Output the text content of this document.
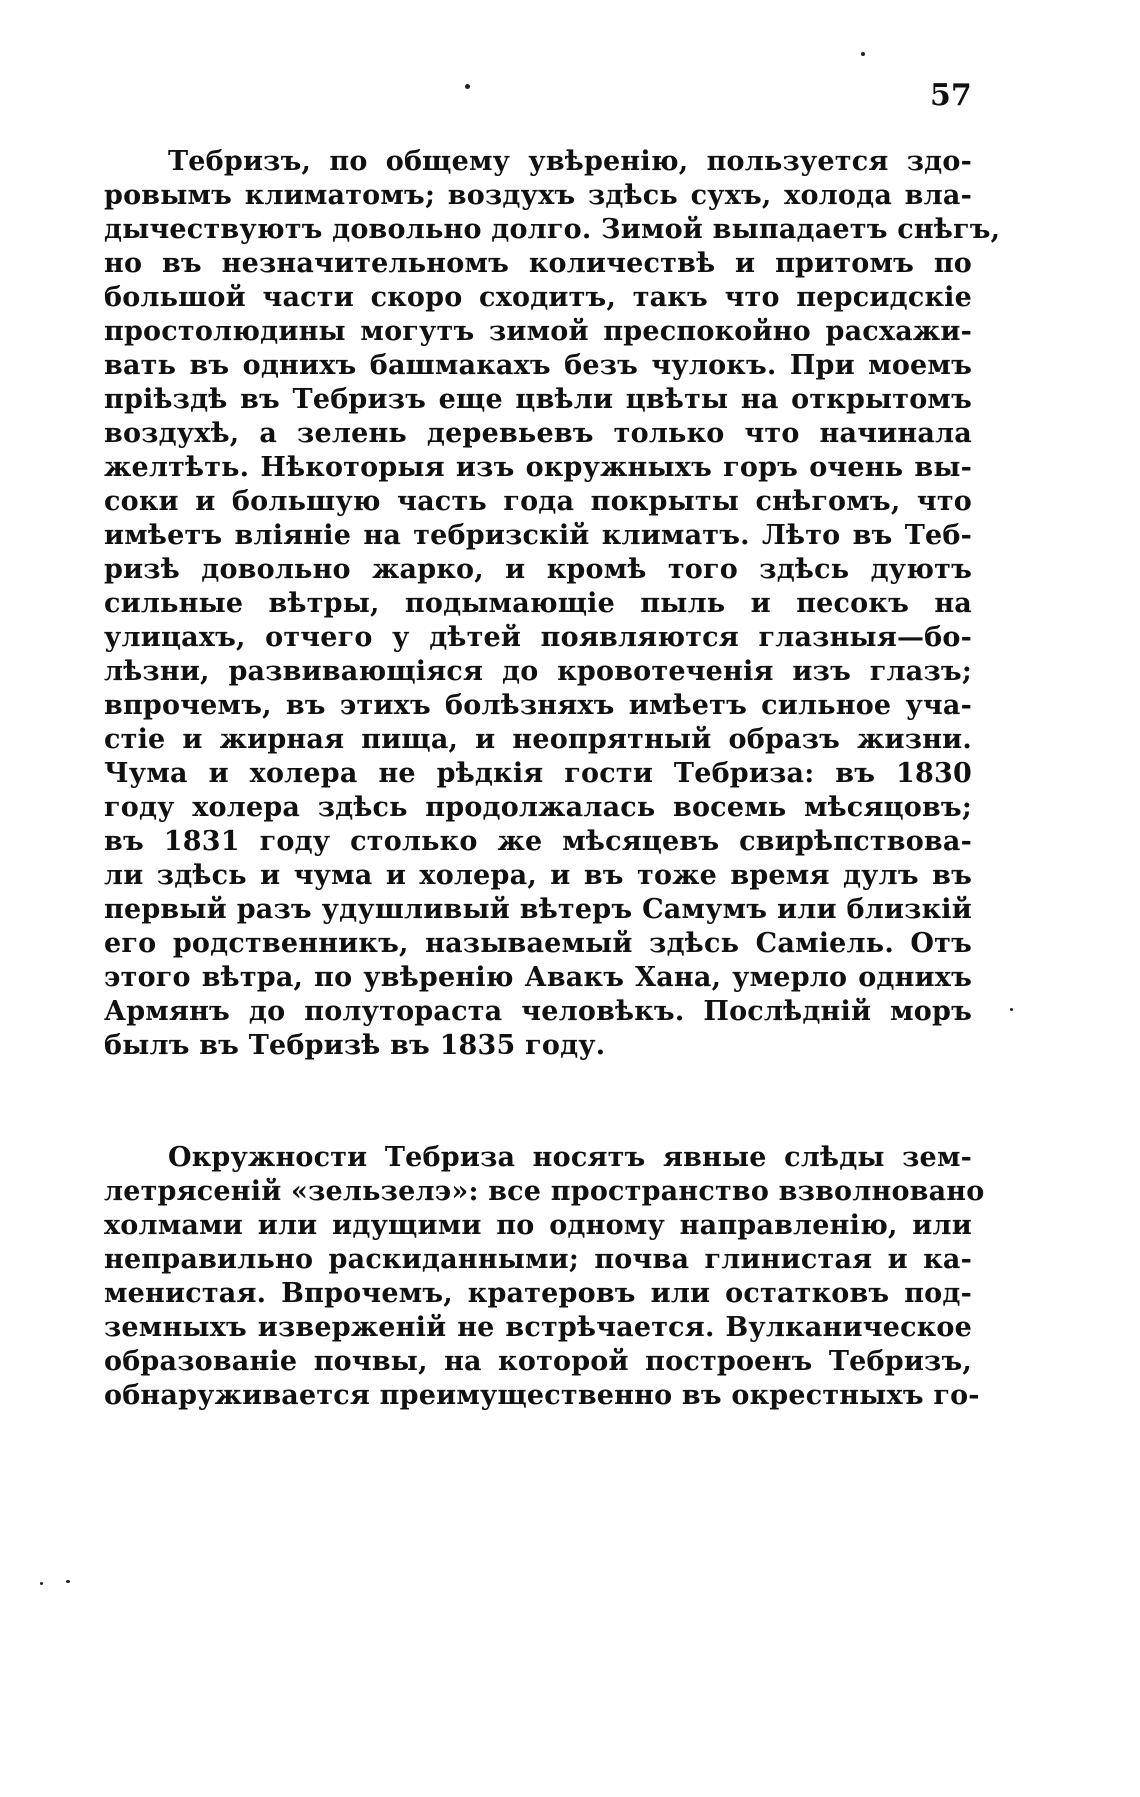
57
Тебризъ, по общему увѣренію, пользуется здо-
ровымъ климатомъ; воздухъ здѣсь сухъ, холода вла-
дычествуютъ довольно долго. Зимой выпадаетъ снѣгъ,
но въ незначительномъ количествѣ и притомъ по
большой части скоро сходитъ, такъ что персидскіе
простолюдины могутъ зимой преспокойно расхажи-
вать въ однихъ башмакахъ безъ чулокъ. При моемъ
пріѣздѣ въ Тебризъ еще цвѣли цвѣты на открытомъ
воздухѣ, а зелень деревьевъ только что начинала
желтѣть. Нѣкоторыя изъ окружныхъ горъ очень вы-
соки и большую часть года покрыты снѣгомъ, что
имѣетъ вліяніе на тебризскій климатъ. Лѣто въ Теб-
ризѣ довольно жарко, и кромѣ того здѣсь дуютъ
сильные вѣтры, подымающіе пыль и песокъ на
улицахъ, отчего у дѣтей появляются глазныя—бо-
лѣзни, развивающіяся до кровотеченія изъ глазъ;
впрочемъ, въ этихъ болѣзняхъ имѣетъ сильное уча-
стіе и жирная пища, и неопрятный образъ жизни.
Чума и холера не рѣдкія гости Тебриза: въ 1830
году холера здѣсь продолжалась восемь мѣсяцовъ;
въ 1831 году столько же мѣсяцевъ свирѣпствова-
ли здѣсь и чума и холера, и въ тоже время дулъ въ
первый разъ удушливый вѣтеръ Самумъ или близкій
его родственникъ, называемый здѣсь Саміель. Отъ
этого вѣтра, по увѣренію Авакъ Хана, умерло однихъ
Армянъ до полутораста человѣкъ. Послѣдній моръ
былъ въ Тебризѣ въ 1835 году.
Окружности Тебриза носятъ явные слѣды зем-
летрясеній «зельзелэ»: все пространство взволновано
холмами или идущими по одному направленію, или
неправильно раскиданными; почва глинистая и ка-
менистая. Впрочемъ, кратеровъ или остатковъ под-
земныхъ изверженій не встрѣчается. Вулканическое
образованіе почвы, на которой построенъ Тебризъ,
обнаруживается преимущественно въ окрестныхъ го-
